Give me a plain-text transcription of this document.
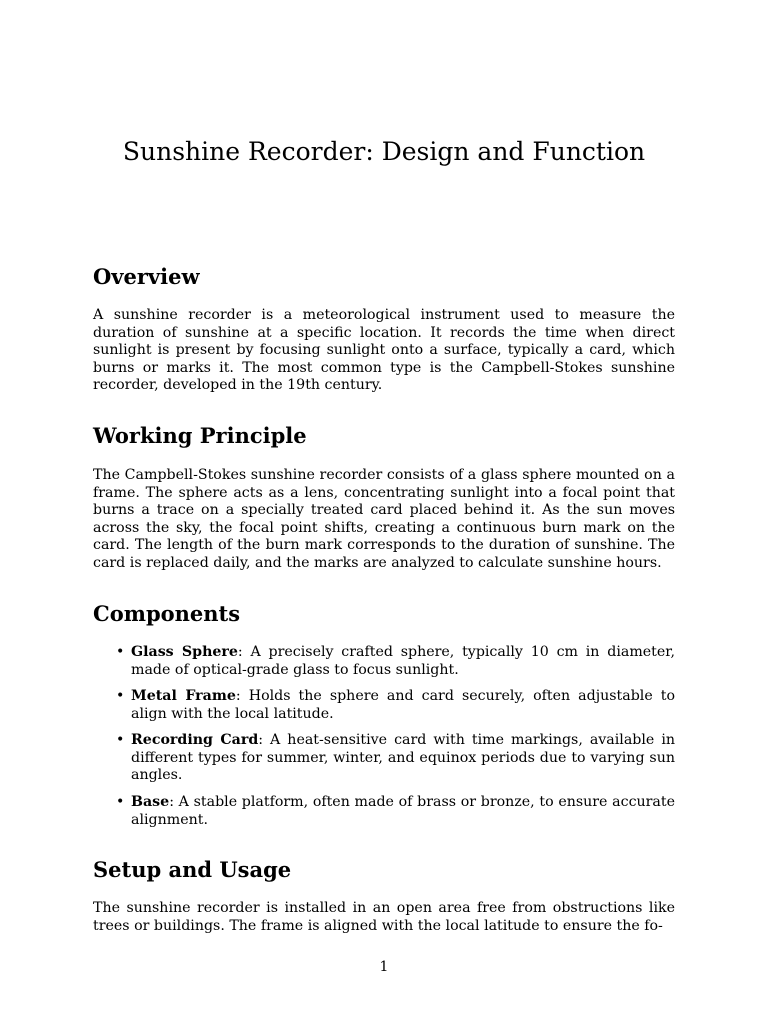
Sunshine Recorder: Design and Function
Overview

A sunshine recorder is a meteorological instrument used to measure the duration of sunshine at a specific location. It records the time when direct sunlight is present by focusing sunlight onto a surface, typically a card, which burns or marks it. The most common type is the Campbell-Stokes sunshine recorder, developed in the 19th century.

Working Principle

The Campbell-Stokes sunshine recorder consists of a glass sphere mounted on a frame. The sphere acts as a lens, concentrating sunlight into a focal point that burns a trace on a specially treated card placed behind it. As the sun moves across the sky, the focal point shifts, creating a continuous burn mark on the card. The length of the burn mark corresponds to the duration of sunshine. The card is replaced daily, and the marks are analyzed to calculate sunshine hours.

Components
• Glass Sphere: A precisely crafted sphere, typically 10 cm in diameter, made of optical-grade glass to focus sunlight.
• Metal Frame: Holds the sphere and card securely, often adjustable to align with the local latitude.
• Recording Card: A heat-sensitive card with time markings, available in different types for summer, winter, and equinox periods due to varying sun angles.
• Base: A stable platform, often made of brass or bronze, to ensure accurate alignment.
Setup and Usage

The sunshine recorder is installed in an open area free from obstructions like trees or buildings. The frame is aligned with the local latitude to ensure the fo-

1
